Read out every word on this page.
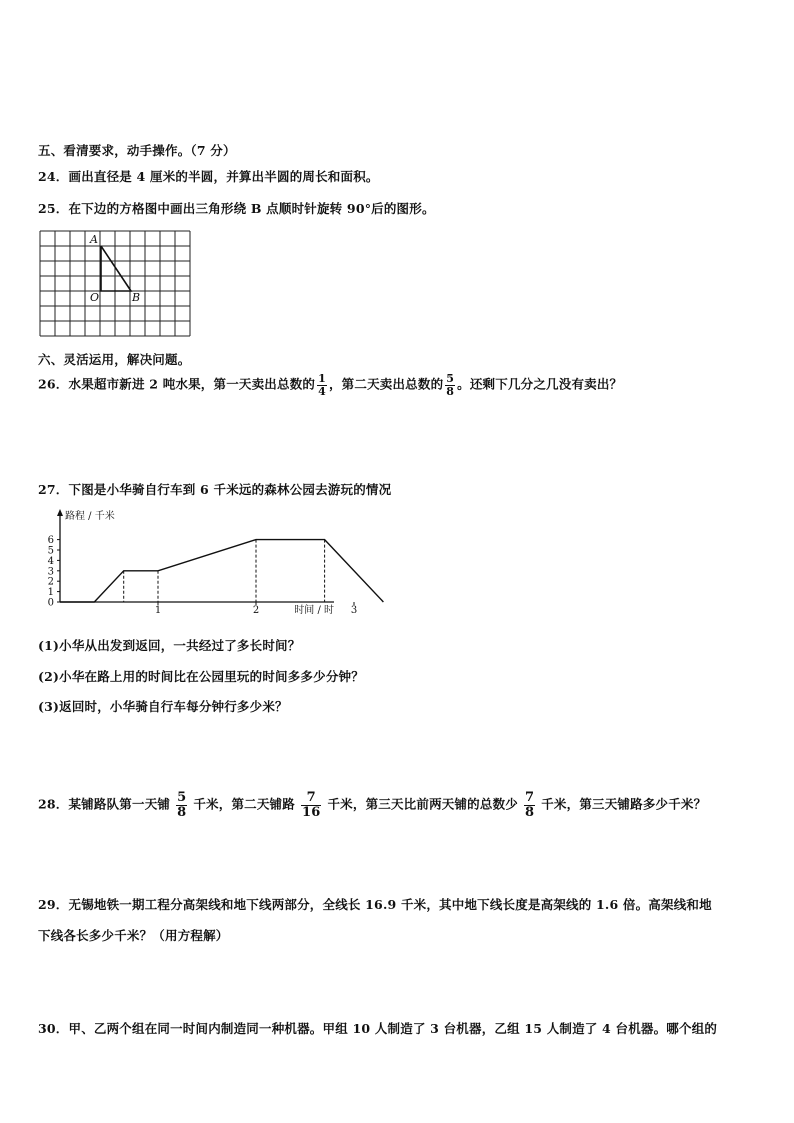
五、看清要求，动手操作。（7 分）
24．画出直径是 4 厘米的半圆，并算出半圆的周长和面积。
25．在下边的方格图中画出三角形绕 B 点顺时针旋转 90°后的图形。
A
O	B
六、灵活运用，解决问题。
26．水果超市新进 2 吨水果，第一天卖出总数的 $\frac{1}{4}$ ，第二天卖出总数的 $\frac{5}{8}$ 。还剩下几分之几没有卖出？
27．下图是小华骑自行车到 6 千米远的森林公园去游玩的情况
0
1
2
3
4
5
6
1	2	3
路程 / 千米
时间 / 时
(1)小华从出发到返回，一共经过了多长时间？
(2)小华在路上用的时间比在公园里玩的时间多多少分钟？
(3)返回时，小华骑自行车每分钟行多少米？
28．某铺路队第一天铺 $\frac{5}{8}$ 千米，第二天铺路 $\frac{7}{16}$ 千米，第三天比前两天铺的总数少 $\frac{7}{8}$ 千米，第三天铺路多少千米？
29．无锡地铁一期工程分高架线和地下线两部分，全线长 16.9 千米，其中地下线长度是高架线的 1.6 倍。高架线和地
下线各长多少千米？（用方程解）
30．甲、乙两个组在同一时间内制造同一种机器。甲组 10 人制造了 3 台机器，乙组 15 人制造了 4 台机器。哪个组的
